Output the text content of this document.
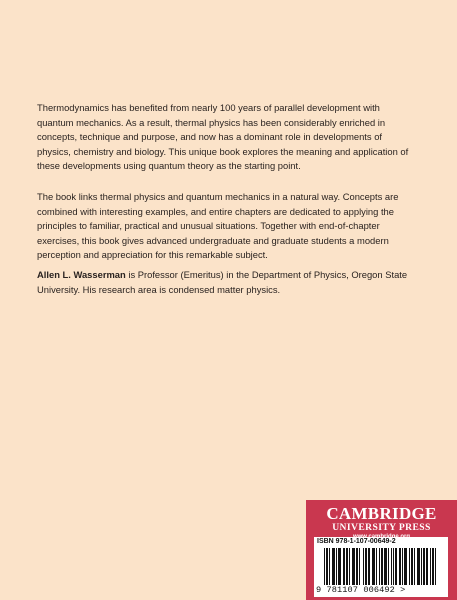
Thermodynamics has benefited from nearly 100 years of parallel development with quantum mechanics. As a result, thermal physics has been considerably enriched in concepts, technique and purpose, and now has a dominant role in developments of physics, chemistry and biology. This unique book explores the meaning and application of these developments using quantum theory as the starting point.

The book links thermal physics and quantum mechanics in a natural way. Concepts are combined with interesting examples, and entire chapters are dedicated to applying the principles to familiar, practical and unusual situations. Together with end-of-chapter exercises, this book gives advanced undergraduate and graduate students a modern perception and appreciation for this remarkable subject.

Allen L. Wasserman is Professor (Emeritus) in the Department of Physics, Oregon State University. His research area is condensed matter physics.

CAMBRIDGE
UNIVERSITY PRESS
ISBN 978-1-107-00649-2
9 781107 006492 >
